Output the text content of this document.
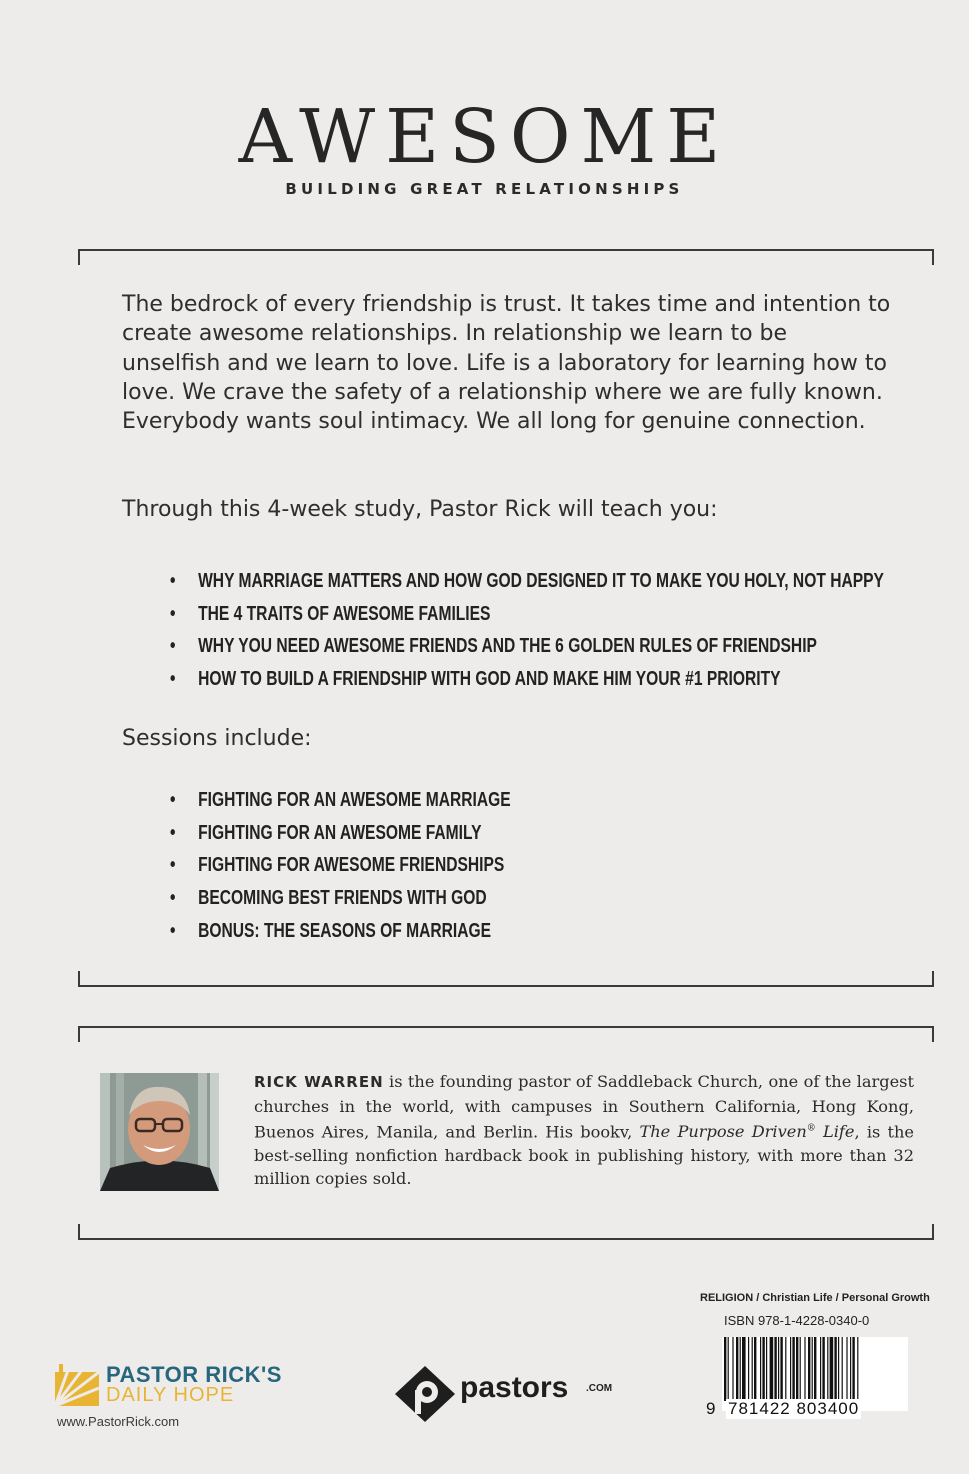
AWESOME
BUILDING GREAT RELATIONSHIPS
The bedrock of every friendship is trust. It takes time and intention to create awesome relationships. In relationship we learn to be unselfish and we learn to love. Life is a laboratory for learning how to love. We crave the safety of a relationship where we are fully known. Everybody wants soul intimacy. We all long for genuine connection.
Through this 4-week study, Pastor Rick will teach you:
• WHY MARRIAGE MATTERS AND HOW GOD DESIGNED IT TO MAKE YOU HOLY, NOT HAPPY
• THE 4 TRAITS OF AWESOME FAMILIES
• WHY YOU NEED AWESOME FRIENDS AND THE 6 GOLDEN RULES OF FRIENDSHIP
• HOW TO BUILD A FRIENDSHIP WITH GOD AND MAKE HIM YOUR #1 PRIORITY
Sessions include:
• FIGHTING FOR AN AWESOME MARRIAGE
• FIGHTING FOR AN AWESOME FAMILY
• FIGHTING FOR AWESOME FRIENDSHIPS
• BECOMING BEST FRIENDS WITH GOD
• BONUS: THE SEASONS OF MARRIAGE
RICK WARREN is the founding pastor of Saddleback Church, one of the largest churches in the world, with campuses in Southern California, Hong Kong, Buenos Aires, Manila, and Berlin. His bookv, The Purpose Driven® Life, is the best-selling nonfiction hardback book in publishing history, with more than 32 million copies sold.
RELIGION / Christian Life / Personal Growth
ISBN 978-1-4228-0340-0
9 781422 803400
PASTOR RICK'S
DAILY HOPE
www.PastorRick.com
pastors .COM
